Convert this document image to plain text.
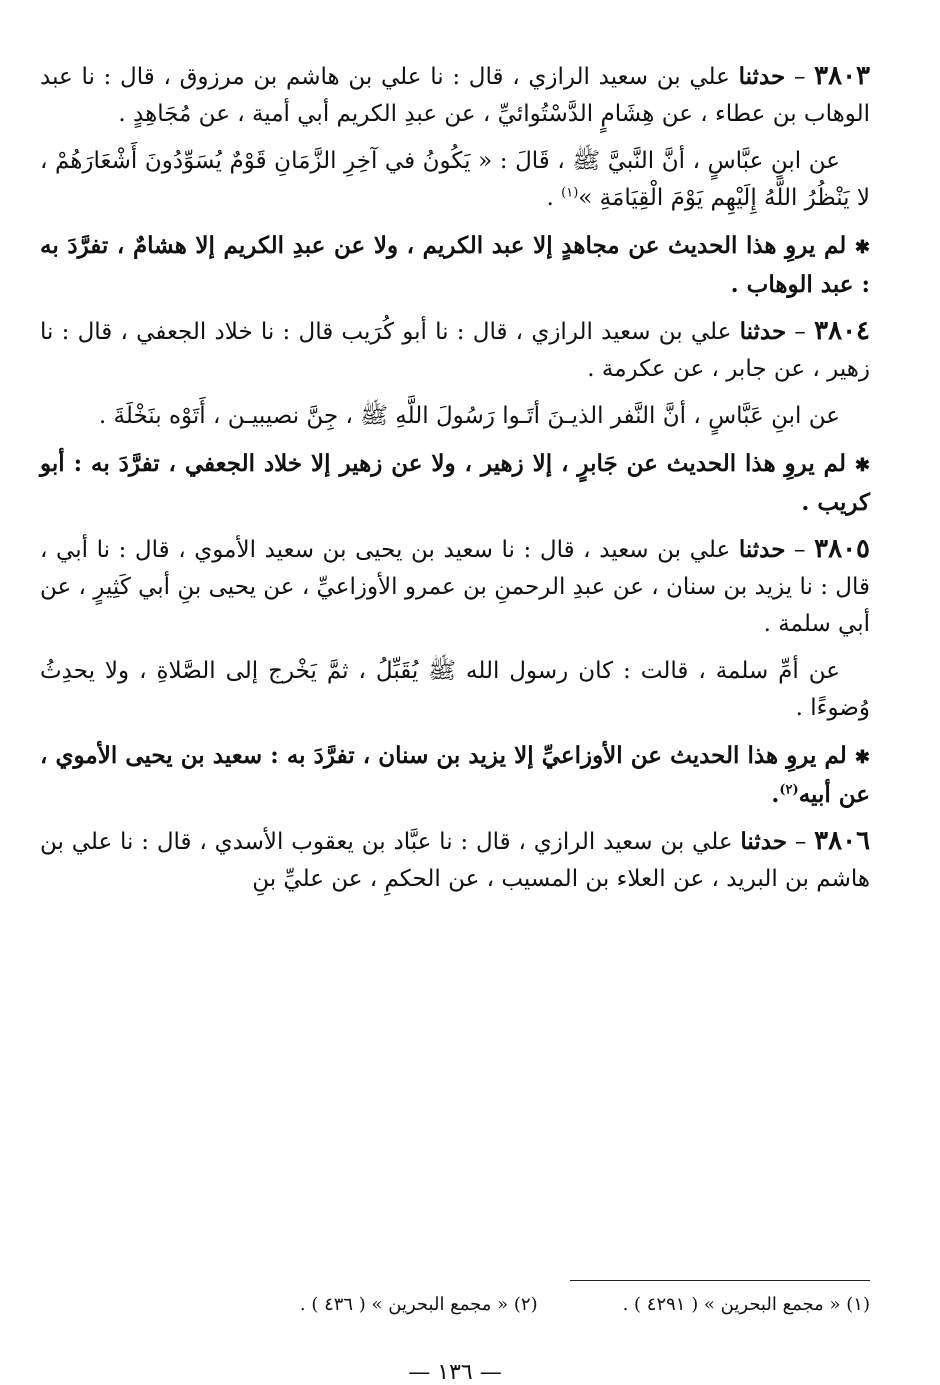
٣٨٠٣ – حدثنا علي بن سعيد الرازي ، قال : نا علي بن هاشم بن مرزوق ، قال : نا عبد الوهاب بن عطاء ، عن هِشَامٍ الدَّسْتُوائيِّ ، عن عبدِ الكريم أبي أمية ، عن مُجَاهِدٍ .

عن ابنِ عبَّاسٍ ، أنَّ النَّبيَّ ﷺ ، قَالَ : « يَكُونُ في آخِرِ الزَّمَانِ قَوْمٌ يُسَوِّدُونَ أَشْعَارَهُمْ ، لا يَنْظُرُ اللَّهُ إِلَيْهِم يَوْمَ الْقِيَامَةِ »$^{(١)}$ .

✱ لم يروِ هذا الحديث عن مجاهدٍ إلا عبد الكريم ، ولا عن عبدِ الكريم إلا هشامٌ ، تفرَّدَ به : عبد الوهاب .

٣٨٠٤ – حدثنا علي بن سعيد الرازي ، قال : نا أبو كُرَيب قال : نا خلاد الجعفي ، قال : نا زهير ، عن جابر ، عن عكرمة .

عن ابنِ عَبَّاسٍ ، أنَّ النَّفر الذيـنَ أتَـوا رَسُولَ اللَّهِ ﷺ ، جِنَّ نصيبيـن ، أَتَوْه بنَخْلَةَ .

✱ لم يروِ هذا الحديث عن جَابرٍ ، إلا زهير ، ولا عن زهير إلا خلاد الجعفي ، تفرَّدَ به : أبو كريب .

٣٨٠٥ – حدثنا علي بن سعيد ، قال : نا سعيد بن يحيى بن سعيد الأموي ، قال : نا أبي ، قال : نا يزيد بن سنان ، عن عبدِ الرحمنِ بن عمرو الأوزاعيِّ ، عن يحيى بنِ أبي كَثِيرٍ ، عن أبي سلمة .

عن أمِّ سلمة ، قالت : كان رسول الله ﷺ يُقَبِّلُ ، ثمَّ يَخْرج إلى الصَّلاةِ ، ولا يحدِثُ وُضوءًا .

✱ لم يروِ هذا الحديث عن الأوزاعيِّ إلا يزيد بن سنان ، تفرَّدَ به : سعيد بن يحيى الأموي ، عن أبيه$^{(٢)}$.

٣٨٠٦ – حدثنا علي بن سعيد الرازي ، قال : نا عبَّاد بن يعقوب الأسدي ، قال : نا علي بن هاشم بن البريد ، عن العلاء بن المسيب ، عن الحكمِ ، عن عليِّ بنِ

(١) « مجمع البحرين » ( ٤٢٩١ ) .
(٢) « مجمع البحرين » ( ٤٣٦ ) .
— ١٣٦ —
